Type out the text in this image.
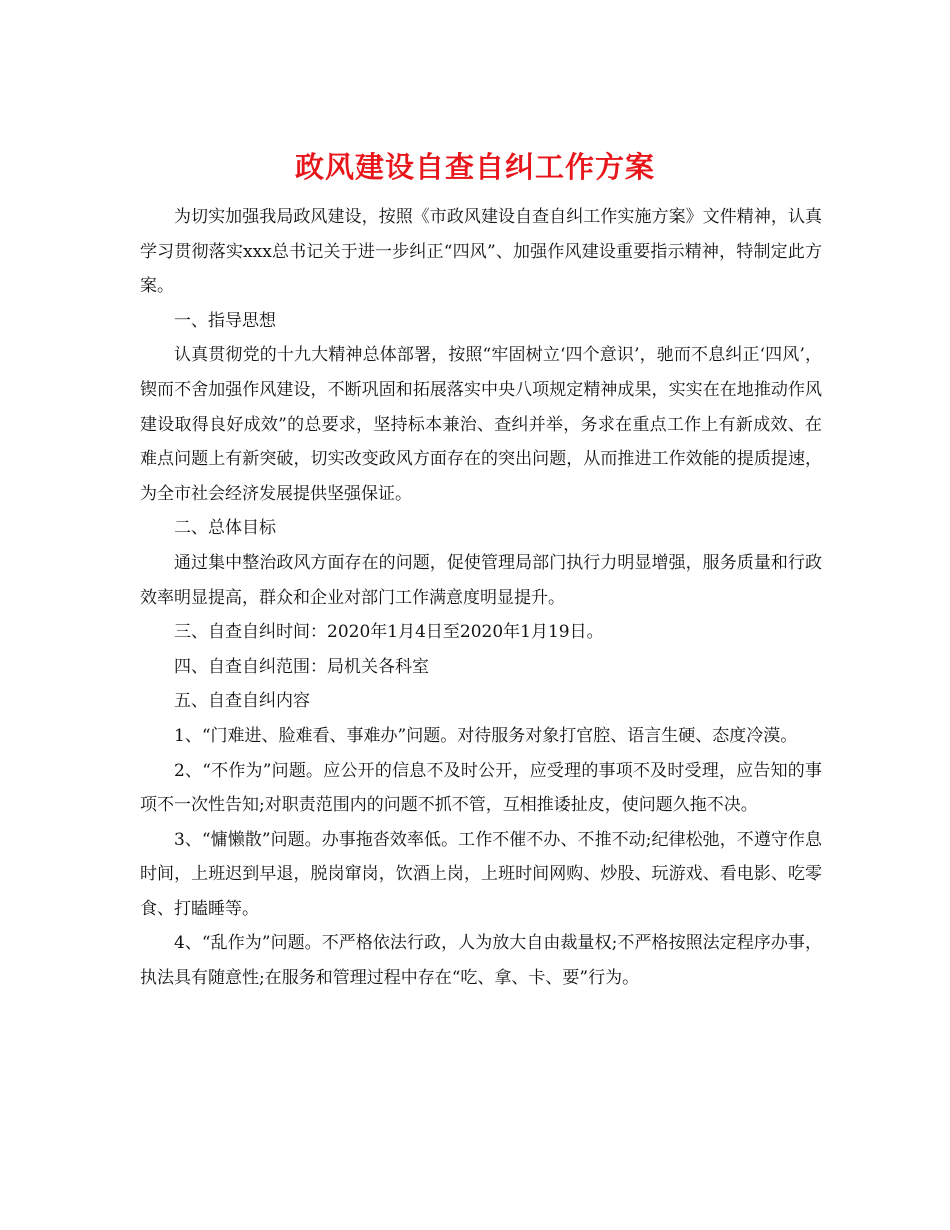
政风建设自查自纠工作方案

为切实加强我局政风建设，按照《市政风建设自查自纠工作实施方案》文件精神，认真学习贯彻落实xxx总书记关于进一步纠正“四风”、加强作风建设重要指示精神，特制定此方案。

一、指导思想

认真贯彻党的十九大精神总体部署，按照“牢固树立‘四个意识’，驰而不息纠正‘四风’，锲而不舍加强作风建设，不断巩固和拓展落实中央八项规定精神成果，实实在在地推动作风建设取得良好成效”的总要求，坚持标本兼治、查纠并举，务求在重点工作上有新成效、在难点问题上有新突破，切实改变政风方面存在的突出问题，从而推进工作效能的提质提速，为全市社会经济发展提供坚强保证。

二、总体目标

通过集中整治政风方面存在的问题，促使管理局部门执行力明显增强，服务质量和行政效率明显提高，群众和企业对部门工作满意度明显提升。

三、自查自纠时间：2020年1月4日至2020年1月19日。

四、自查自纠范围：局机关各科室

五、自查自纠内容

1、“门难进、脸难看、事难办”问题。对待服务对象打官腔、语言生硬、态度冷漠。

2、“不作为”问题。应公开的信息不及时公开，应受理的事项不及时受理，应告知的事项不一次性告知;对职责范围内的问题不抓不管，互相推诿扯皮，使问题久拖不决。

3、“慵懒散”问题。办事拖沓效率低。工作不催不办、不推不动;纪律松弛，不遵守作息时间，上班迟到早退，脱岗窜岗，饮酒上岗，上班时间网购、炒股、玩游戏、看电影、吃零食、打瞌睡等。

4、“乱作为”问题。不严格依法行政，人为放大自由裁量权;不严格按照法定程序办事，执法具有随意性;在服务和管理过程中存在“吃、拿、卡、要”行为。
